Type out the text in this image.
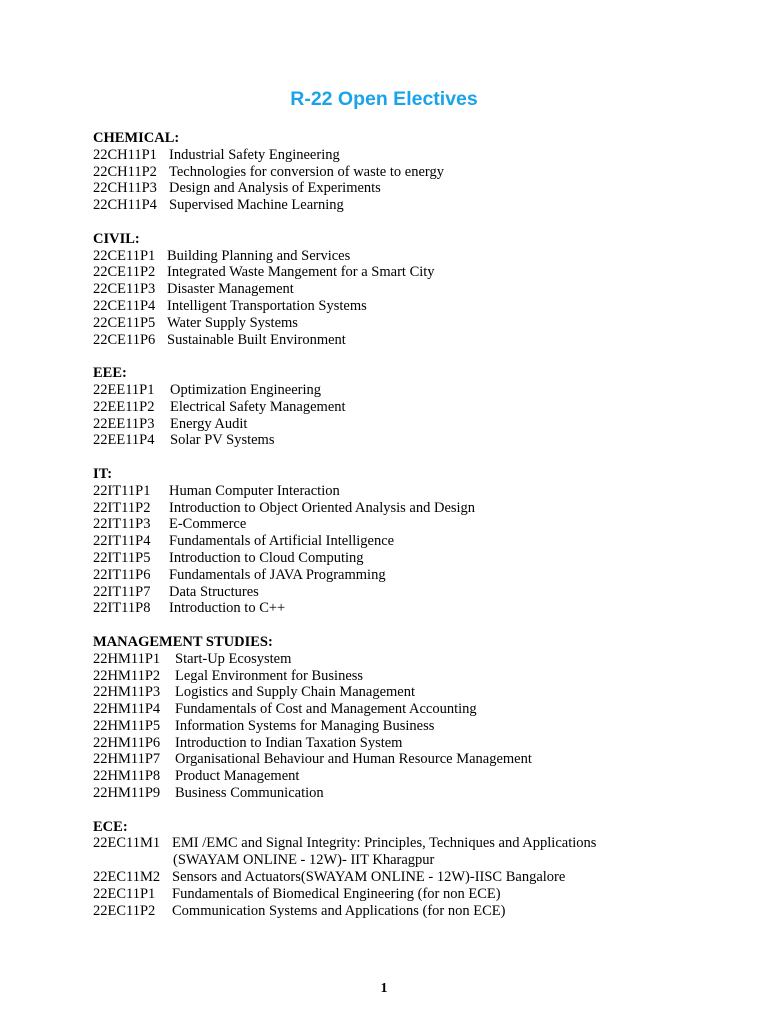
R-22 Open Electives
CHEMICAL:
22CH11P1 Industrial Safety Engineering
22CH11P2 Technologies for conversion of waste to energy
22CH11P3 Design and Analysis of Experiments
22CH11P4 Supervised Machine Learning
CIVIL:
22CE11P1 Building Planning and Services
22CE11P2 Integrated Waste Mangement for a Smart City
22CE11P3 Disaster Management
22CE11P4 Intelligent Transportation Systems
22CE11P5 Water Supply Systems
22CE11P6 Sustainable Built Environment
EEE:
22EE11P1 Optimization Engineering
22EE11P2 Electrical Safety Management
22EE11P3 Energy Audit
22EE11P4 Solar PV Systems
IT:
22IT11P1 Human Computer Interaction
22IT11P2 Introduction to Object Oriented Analysis and Design
22IT11P3 E-Commerce
22IT11P4 Fundamentals of Artificial Intelligence
22IT11P5 Introduction to Cloud Computing
22IT11P6 Fundamentals of JAVA Programming
22IT11P7 Data Structures
22IT11P8 Introduction to C++
MANAGEMENT STUDIES:
22HM11P1 Start-Up Ecosystem
22HM11P2 Legal Environment for Business
22HM11P3 Logistics and Supply Chain Management
22HM11P4 Fundamentals of Cost and Management Accounting
22HM11P5 Information Systems for Managing Business
22HM11P6 Introduction to Indian Taxation System
22HM11P7 Organisational Behaviour and Human Resource Management
22HM11P8 Product Management
22HM11P9 Business Communication
ECE:
22EC11M1 EMI /EMC and Signal Integrity: Principles, Techniques and Applications
(SWAYAM ONLINE - 12W)- IIT Kharagpur
22EC11M2 Sensors and Actuators(SWAYAM ONLINE - 12W)-IISC Bangalore
22EC11P1 Fundamentals of Biomedical Engineering (for non ECE)
22EC11P2 Communication Systems and Applications (for non ECE)
1
